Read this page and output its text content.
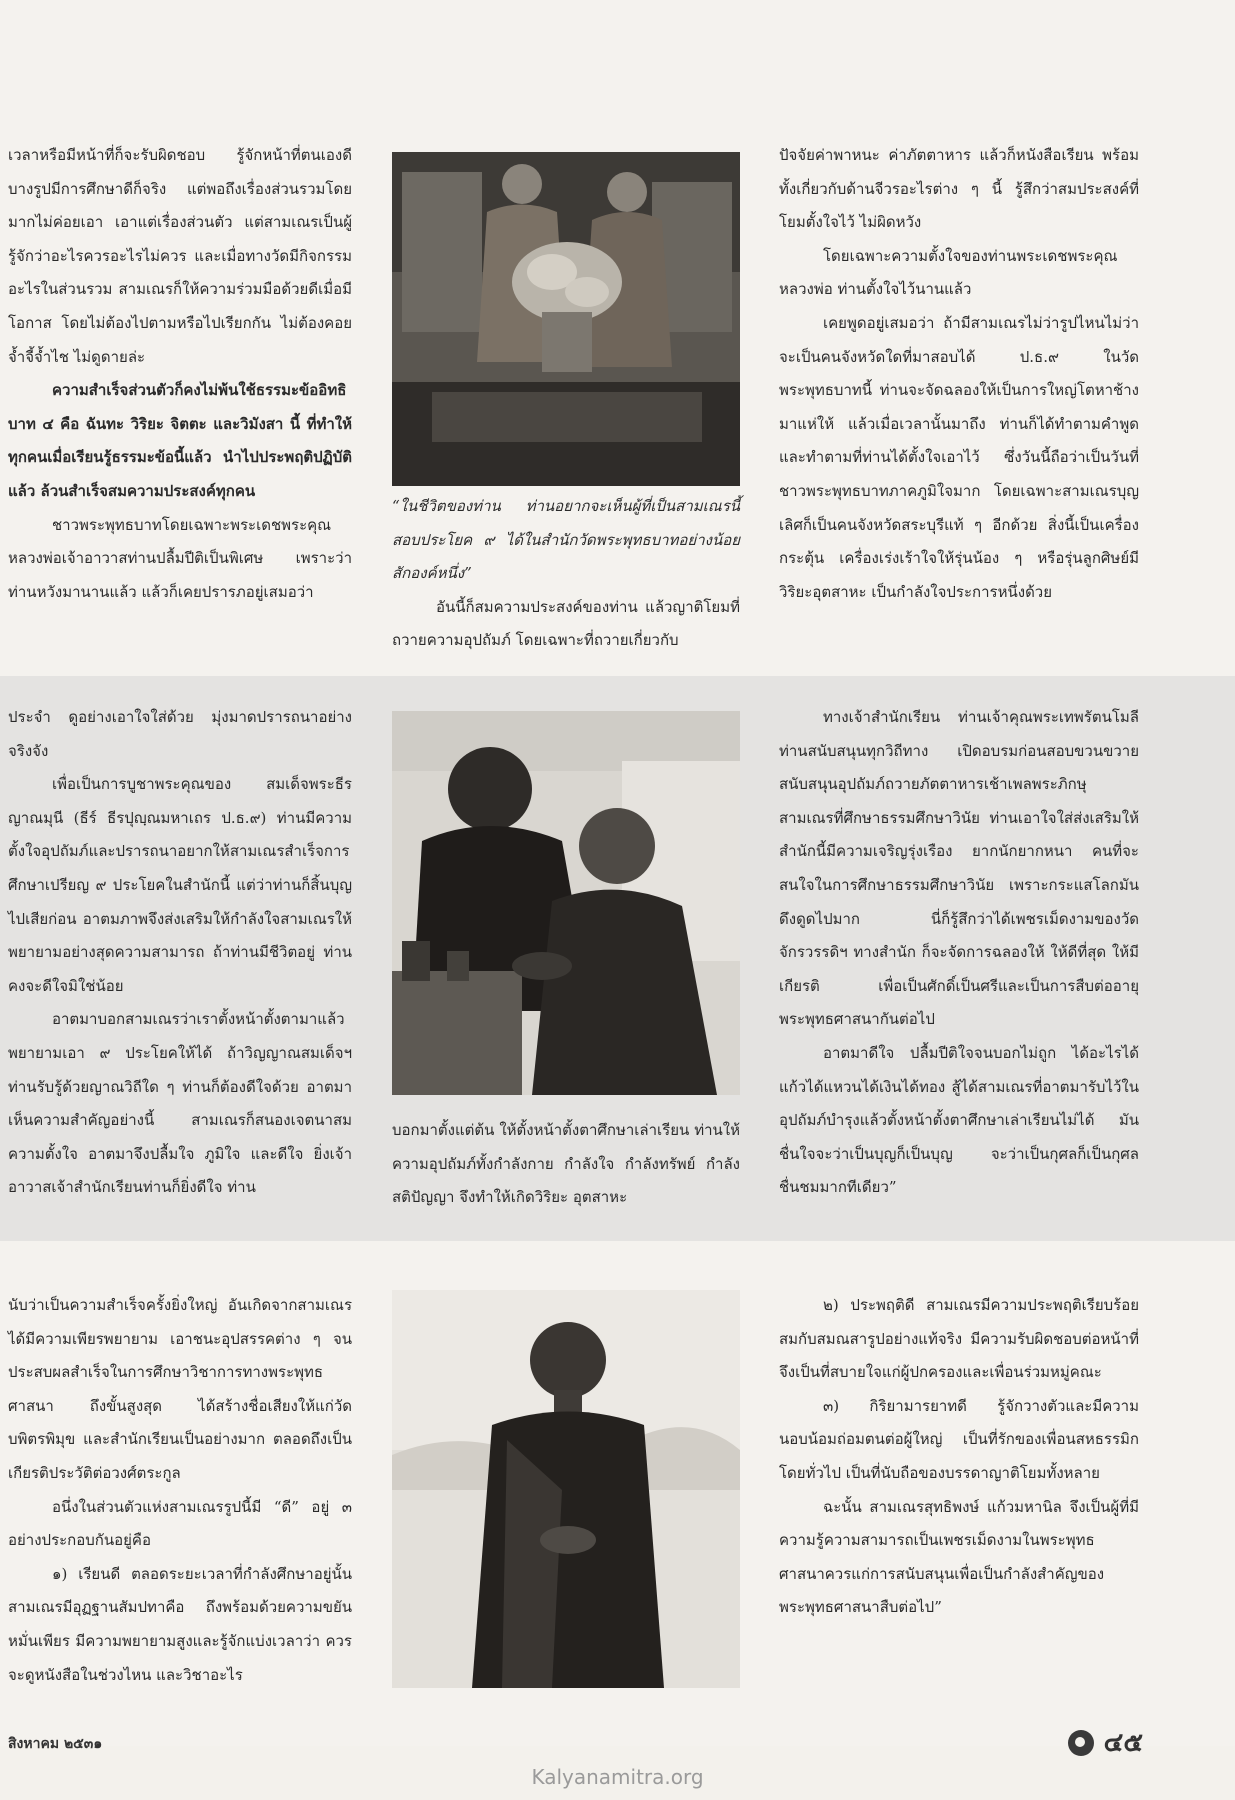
เวลาหรือมีหน้าที่ก็จะรับผิดชอบ รู้จักหน้าที่ตนเองดี บางรูปมีการศึกษาดีก็จริง แต่พอถึงเรื่องส่วนรวมโดยมากไม่ค่อยเอา เอาแต่เรื่องส่วนตัว แต่สามเณรเป็นผู้รู้จักว่าอะไรควรอะไรไม่ควร และเมื่อทางวัดมีกิจกรรมอะไรในส่วนรวม สามเณรก็ให้ความร่วมมือด้วยดีเมื่อมีโอกาส โดยไม่ต้องไปตามหรือไปเรียกกัน ไม่ต้องคอยจ้ำจี้จ้ำไช ไม่ดูดายล่ะ

ความสำเร็จส่วนตัวก็คงไม่พ้นใช้ธรรมะข้ออิทธิบาท ๔ คือ ฉันทะ วิริยะ จิตตะ และวิมังสา นี้ ที่ทำให้ทุกคนเมื่อเรียนรู้ธรรมะข้อนี้แล้ว นำไปประพฤติปฏิบัติแล้ว ล้วนสำเร็จสมความประสงค์ทุกคน

ชาวพระพุทธบาทโดยเฉพาะพระเดชพระคุณหลวงพ่อเจ้าอาวาสท่านปลื้มปีติเป็นพิเศษ เพราะว่าท่านหวังมานานแล้ว แล้วก็เคยปรารภอยู่เสมอว่า

“ในชีวิตของท่าน ท่านอยากจะเห็นผู้ที่เป็นสามเณรนี้สอบประโยค ๙ ได้ในสำนักวัดพระพุทธบาทอย่างน้อยสักองค์หนึ่ง”

อันนี้ก็สมความประสงค์ของท่าน แล้วญาติโยมที่ถวายความอุปถัมภ์ โดยเฉพาะที่ถวายเกี่ยวกับ

ปัจจัยค่าพาหนะ ค่าภัตตาหาร แล้วก็หนังสือเรียน พร้อมทั้งเกี่ยวกับด้านจีวรอะไรต่าง ๆ นี้ รู้สึกว่าสมประสงค์ที่โยมตั้งใจไว้ ไม่ผิดหวัง

โดยเฉพาะความตั้งใจของท่านพระเดชพระคุณหลวงพ่อ ท่านตั้งใจไว้นานแล้ว

เคยพูดอยู่เสมอว่า ถ้ามีสามเณรไม่ว่ารูปไหนไม่ว่าจะเป็นคนจังหวัดใดที่มาสอบได้ ป.ธ.๙ ในวัดพระพุทธบาทนี้ ท่านจะจัดฉลองให้เป็นการใหญ่โตหาช้างมาแห่ให้ แล้วเมื่อเวลานั้นมาถึง ท่านก็ได้ทำตามคำพูด และทำตามที่ท่านได้ตั้งใจเอาไว้ ซึ่งวันนี้ถือว่าเป็นวันที่ชาวพระพุทธบาทภาคภูมิใจมาก โดยเฉพาะสามเณรบุญเลิศก็เป็นคนจังหวัดสระบุรีแท้ ๆ อีกด้วย สิ่งนี้เป็นเครื่องกระตุ้น เครื่องเร่งเร้าใจให้รุ่นน้อง ๆ หรือรุ่นลูกศิษย์มีวิริยะอุตสาหะ เป็นกำลังใจประการหนึ่งด้วย

ประจำ ดูอย่างเอาใจใส่ด้วย มุ่งมาดปรารถนาอย่างจริงจัง

เพื่อเป็นการบูชาพระคุณของ สมเด็จพระธีรญาณมุนี (ธีร์ ธีรปุญฺณมหาเถร ป.ธ.๙) ท่านมีความตั้งใจอุปถัมภ์และปรารถนาอยากให้สามเณรสำเร็จการศึกษาเปรียญ ๙ ประโยคในสำนักนี้ แต่ว่าท่านก็สิ้นบุญไปเสียก่อน อาตมภาพจึงส่งเสริมให้กำลังใจสามเณรให้พยายามอย่างสุดความสามารถ ถ้าท่านมีชีวิตอยู่ ท่านคงจะดีใจมิใช่น้อย

อาตมาบอกสามเณรว่าเราตั้งหน้าตั้งตามาแล้ว พยายามเอา ๙ ประโยคให้ได้ ถ้าวิญญาณสมเด็จฯ ท่านรับรู้ด้วยญาณวิถีใด ๆ ท่านก็ต้องดีใจด้วย อาตมาเห็นความสำคัญอย่างนี้ สามเณรก็สนองเจตนาสมความตั้งใจ อาตมาจึงปลื้มใจ ภูมิใจ และดีใจ ยิ่งเจ้าอาวาสเจ้าสำนักเรียนท่านก็ยิ่งดีใจ ท่าน

บอกมาตั้งแต่ต้น ให้ตั้งหน้าตั้งตาศึกษาเล่าเรียน ท่านให้ความอุปถัมภ์ทั้งกำลังกาย กำลังใจ กำลังทรัพย์ กำลังสติปัญญา จึงทำให้เกิดวิริยะ อุตสาหะ

ทางเจ้าสำนักเรียน ท่านเจ้าคุณพระเทพรัตนโมลี ท่านสนับสนุนทุกวิถีทาง เปิดอบรมก่อนสอบขวนขวาย สนับสนุนอุปถัมภ์ถวายภัตตาหารเช้าเพลพระภิกษุสามเณรที่ศึกษาธรรมศึกษาวินัย ท่านเอาใจใส่ส่งเสริมให้สำนักนี้มีความเจริญรุ่งเรือง ยากนักยากหนา คนที่จะสนใจในการศึกษาธรรมศึกษาวินัย เพราะกระแสโลกมันดึงดูดไปมาก นี่ก็รู้สึกว่าได้เพชรเม็ดงามของวัดจักรวรรดิฯ ทางสำนัก ก็จะจัดการฉลองให้ ให้ดีที่สุด ให้มีเกียรติ เพื่อเป็นศักดิ์เป็นศรีและเป็นการสืบต่ออายุพระพุทธศาสนากันต่อไป

อาตมาดีใจ ปลื้มปีติใจจนบอกไม่ถูก ได้อะไรได้แก้วได้แหวนได้เงินได้ทอง สู้ได้สามเณรที่อาตมารับไว้ในอุปถัมภ์บำรุงแล้วตั้งหน้าตั้งตาศึกษาเล่าเรียนไม่ได้ มันชื่นใจจะว่าเป็นบุญก็เป็นบุญ จะว่าเป็นกุศลก็เป็นกุศล ชื่นชมมากทีเดียว”

นับว่าเป็นความสำเร็จครั้งยิ่งใหญ่ อันเกิดจากสามเณรได้มีความเพียรพยายาม เอาชนะอุปสรรคต่าง ๆ จนประสบผลสำเร็จในการศึกษาวิชาการทางพระพุทธศาสนา ถึงขั้นสูงสุด ได้สร้างชื่อเสียงให้แก่วัดบพิตรพิมุข และสำนักเรียนเป็นอย่างมาก ตลอดถึงเป็นเกียรติประวัติต่อวงศ์ตระกูล

อนึ่งในส่วนตัวแห่งสามเณรรูปนี้มี “ดี” อยู่ ๓ อย่างประกอบกันอยู่คือ

๑) เรียนดี ตลอดระยะเวลาที่กำลังศึกษาอยู่นั้น สามเณรมีอุฏฐานสัมปทาคือ ถึงพร้อมด้วยความขยันหมั่นเพียร มีความพยายามสูงและรู้จักแบ่งเวลาว่า ควรจะดูหนังสือในช่วงไหน และวิชาอะไร

๒) ประพฤติดี สามเณรมีความประพฤติเรียบร้อยสมกับสมณสารูปอย่างแท้จริง มีความรับผิดชอบต่อหน้าที่ จึงเป็นที่สบายใจแก่ผู้ปกครองและเพื่อนร่วมหมู่คณะ

๓) กิริยามารยาทดี รู้จักวางตัวและมีความนอบน้อมถ่อมตนต่อผู้ใหญ่ เป็นที่รักของเพื่อนสหธรรมิกโดยทั่วไป เป็นที่นับถือของบรรดาญาติโยมทั้งหลาย

ฉะนั้น สามเณรสุทธิพงษ์ แก้วมหานิล จึงเป็นผู้ที่มีความรู้ความสามารถเป็นเพชรเม็ดงามในพระพุทธศาสนาควรแก่การสนับสนุนเพื่อเป็นกำลังสำคัญของพระพุทธศาสนาสืบต่อไป”

สิงหาคม ๒๕๓๑	๔๕
Kalyanamitra.org
